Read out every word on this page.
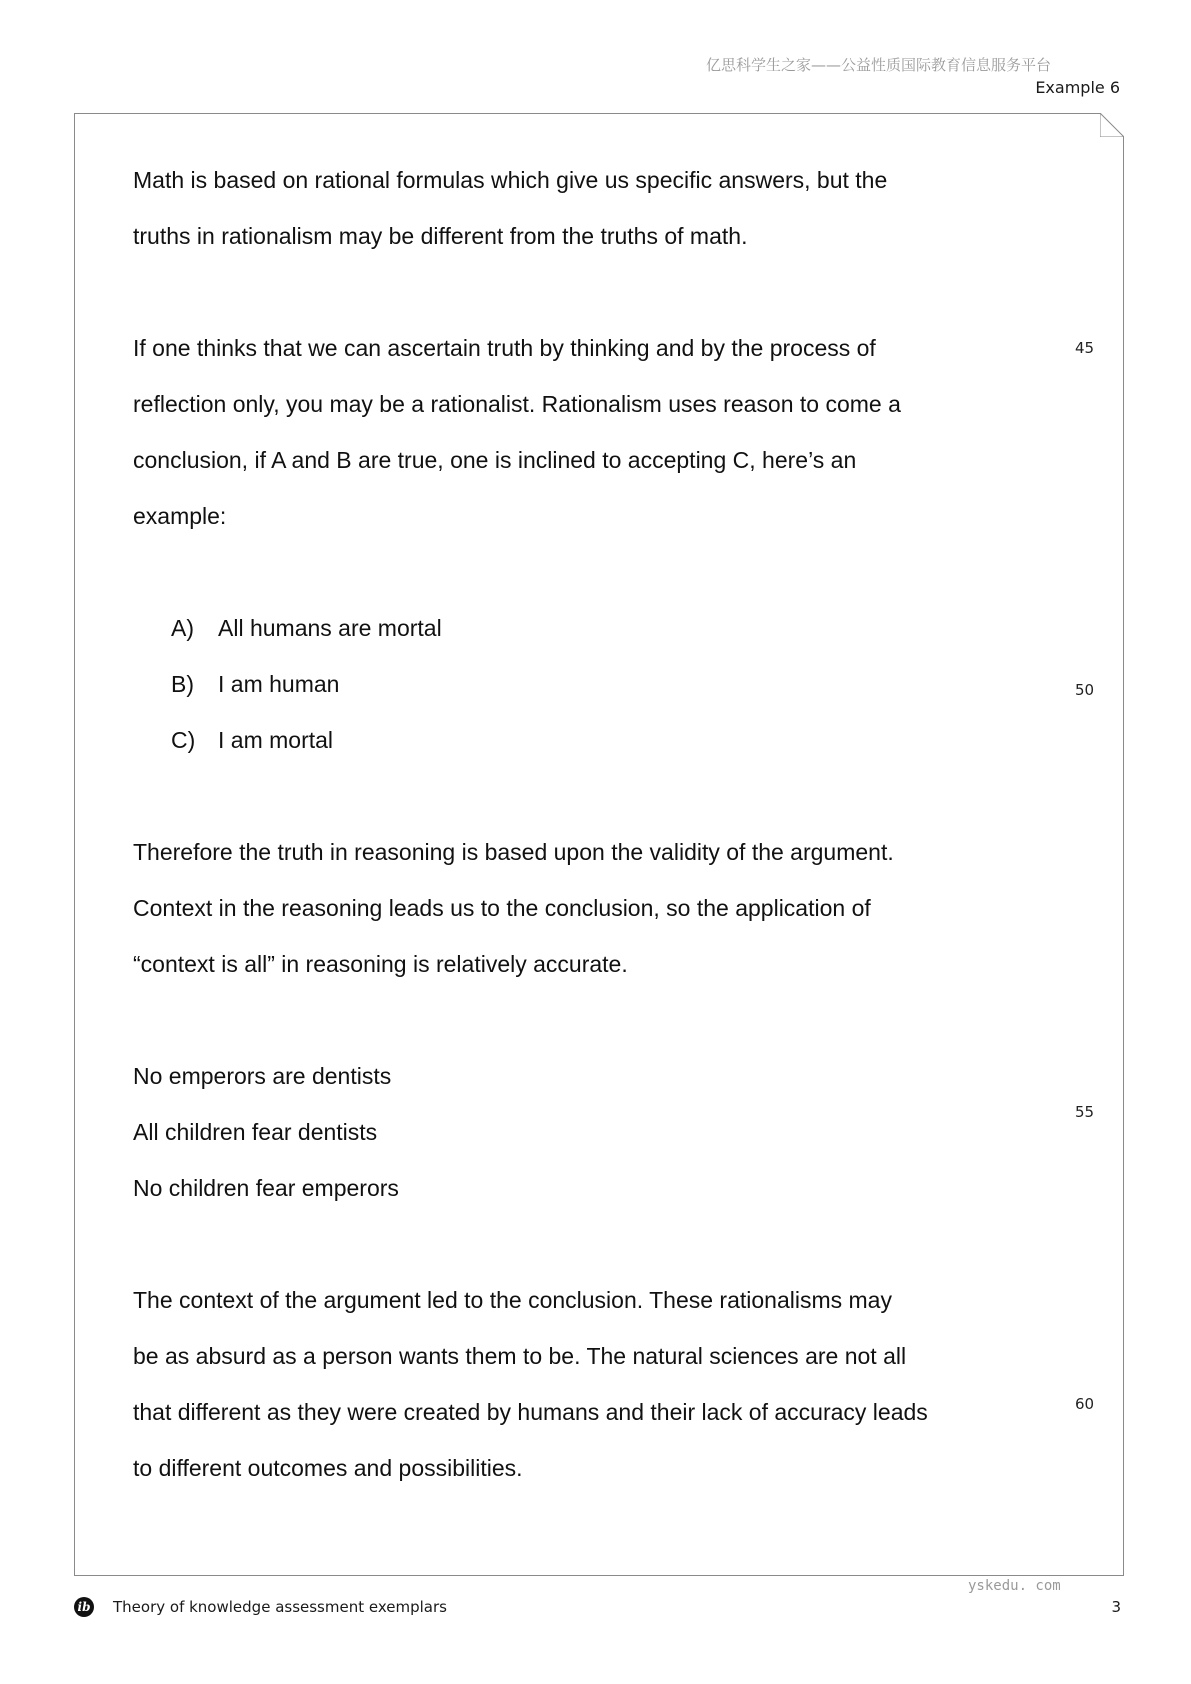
亿思科学生之家——公益性质国际教育信息服务平台
Example 6
Math is based on rational formulas which give us specific answers, but the
truths in rationalism may be different from the truths of math.
If one thinks that we can ascertain truth by thinking and by the process of
reflection only, you may be a rationalist. Rationalism uses reason to come a
conclusion, if A and B are true, one is inclined to accepting C, here’s an
example:
A) All humans are mortal
B) I am human
C) I am mortal
Therefore the truth in reasoning is based upon the validity of the argument.
Context in the reasoning leads us to the conclusion, so the application of
“context is all” in reasoning is relatively accurate.
No emperors are dentists
All children fear dentists
No children fear emperors
The context of the argument led to the conclusion. These rationalisms may
be as absurd as a person wants them to be. The natural sciences are not all
that different as they were created by humans and their lack of accuracy leads
to different outcomes and possibilities.
45
50
55
60
ib Theory of knowledge assessment exemplars
yskedu. com
3
